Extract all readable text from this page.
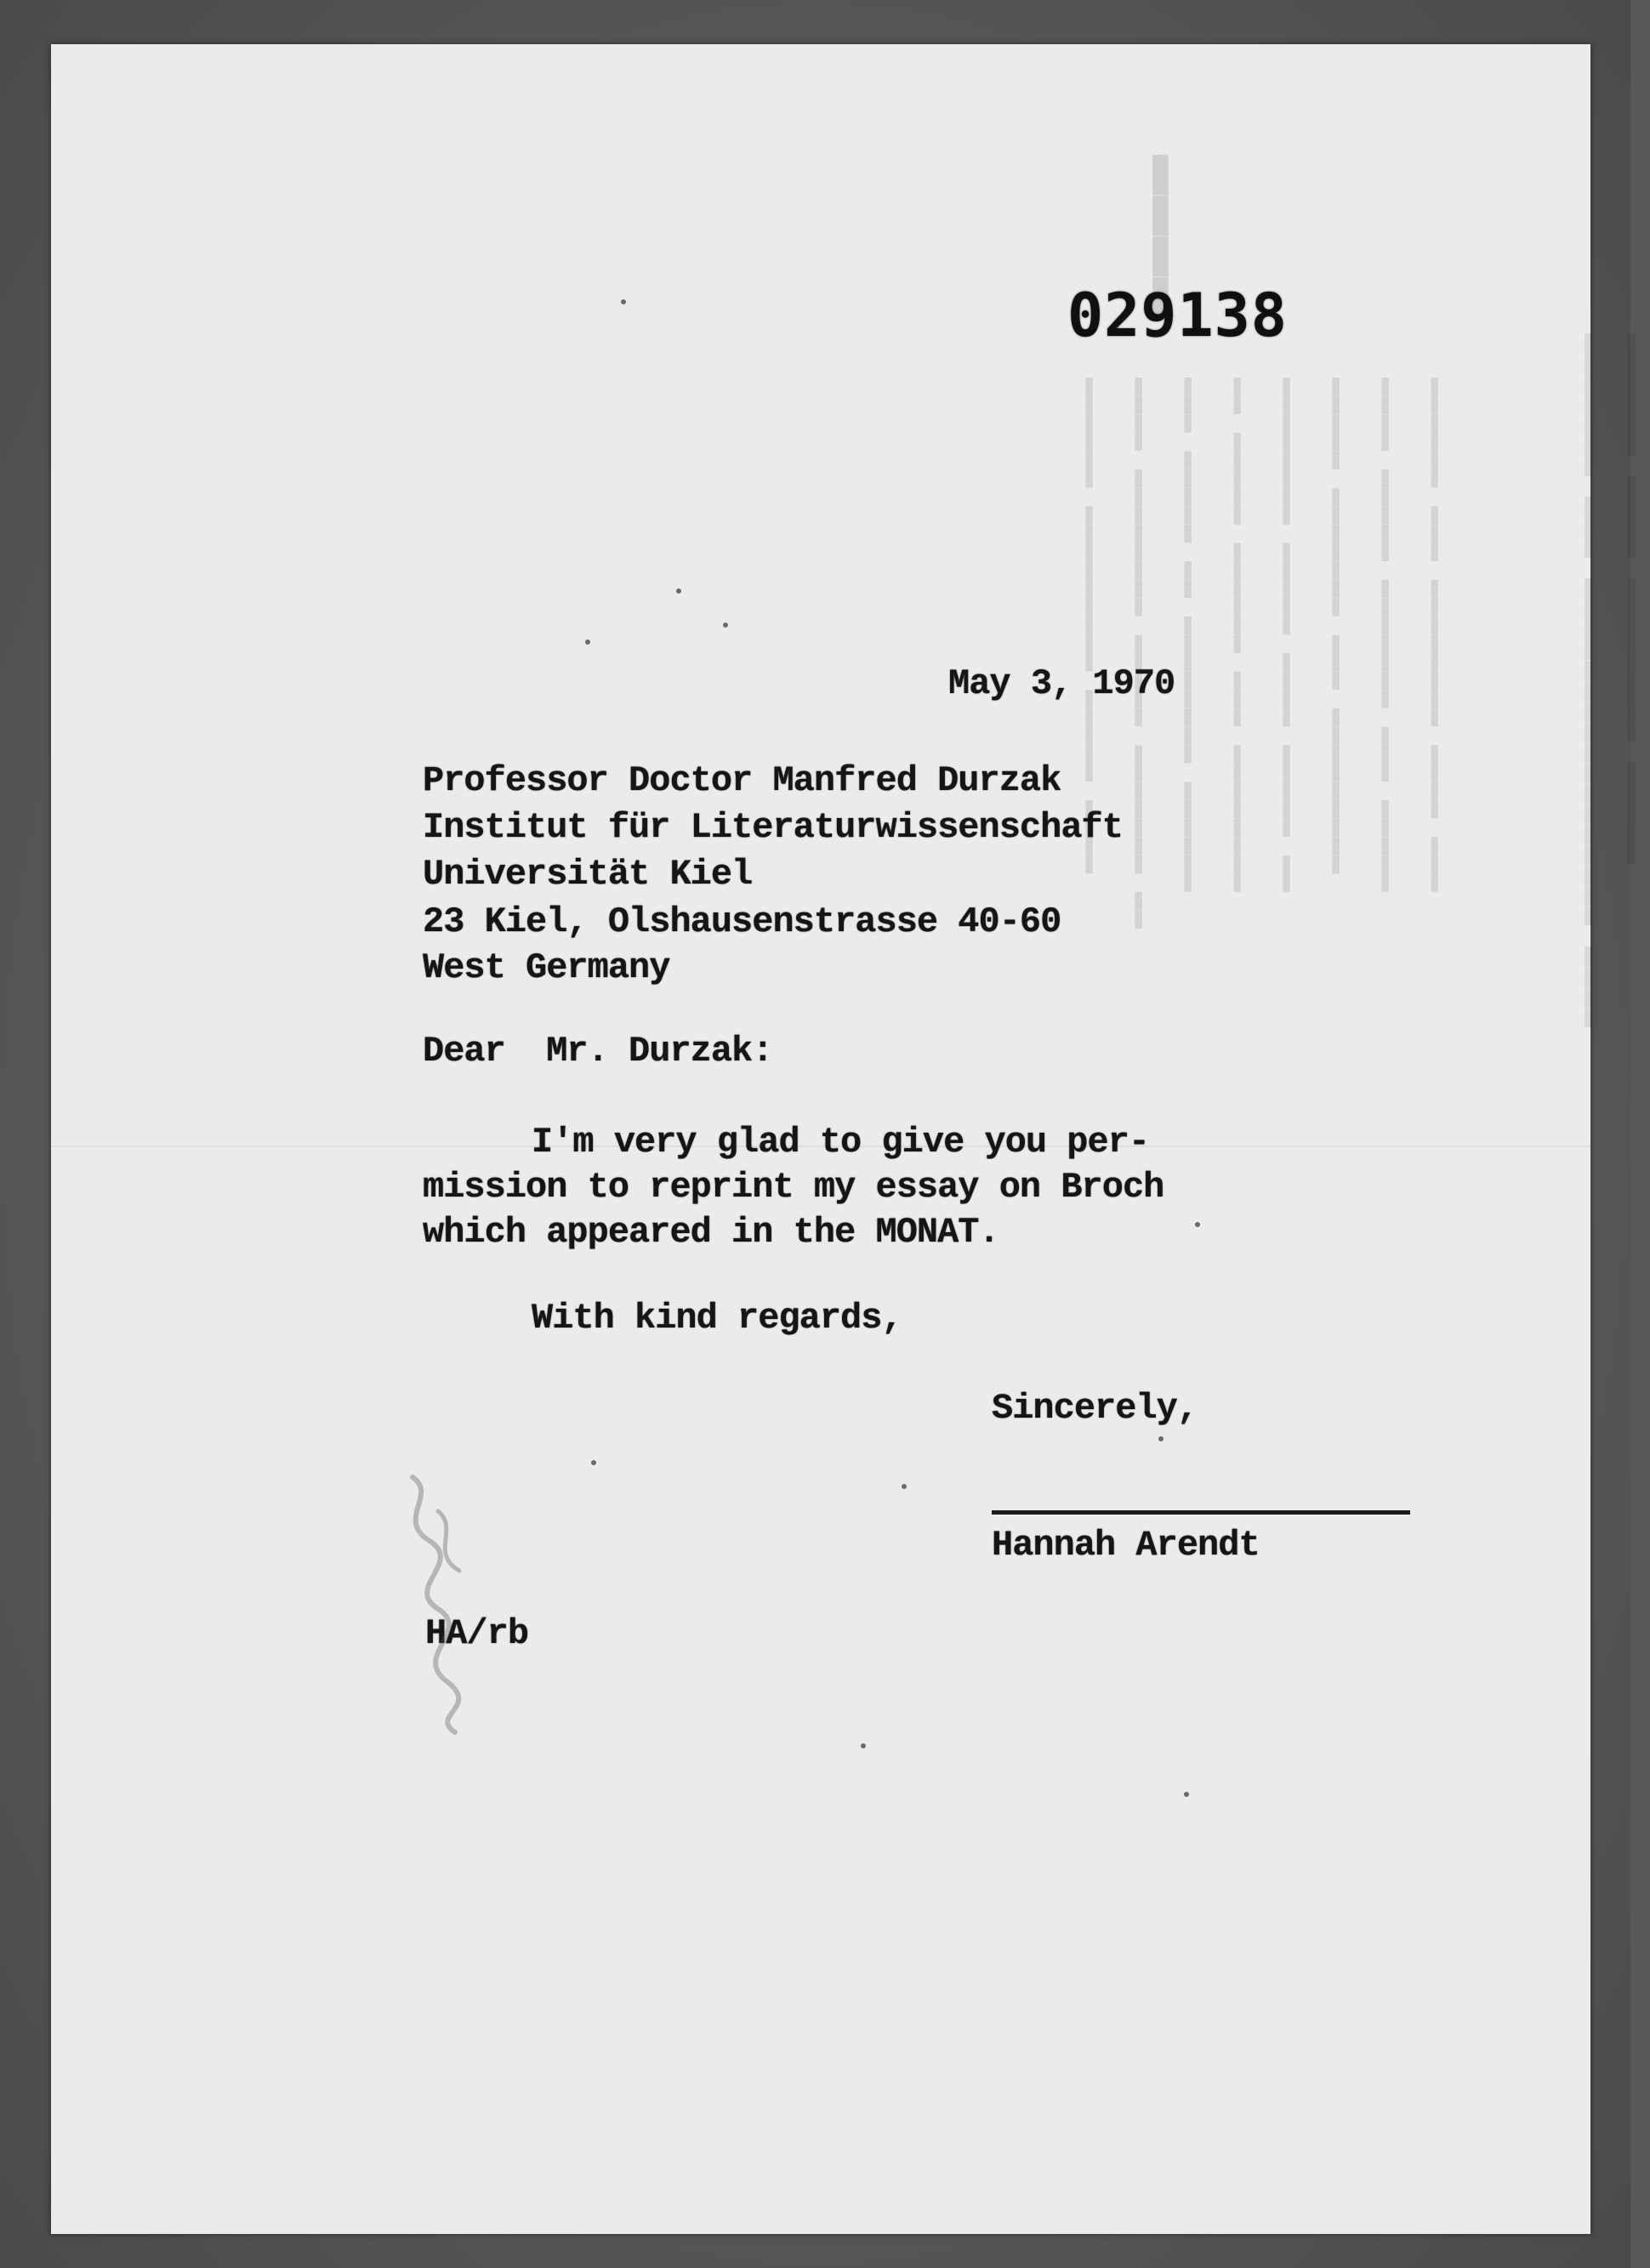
▬▬▬▬▬▬ ▬▬▬▬▬▬▬▬▬ ▬▬▬▬▬ ▬▬▬▬
▬▬▬▬ ▬▬▬▬▬▬▬▬ ▬▬▬▬▬ ▬▬▬▬▬▬▬ ▬▬
▬▬▬ ▬▬▬▬▬ ▬▬ ▬▬▬▬▬▬▬▬ ▬▬▬▬▬▬
▬▬ ▬▬▬▬▬ ▬▬▬▬▬▬ ▬▬▬ ▬▬▬▬▬▬▬▬
▬▬▬▬▬▬▬▬ ▬▬▬▬▬ ▬▬▬▬ ▬▬▬▬▬ ▬▬
▬▬▬▬▬ ▬▬▬▬▬▬▬ ▬▬▬ ▬▬▬▬▬▬▬▬▬
▬▬▬▬ ▬▬▬▬▬ ▬▬▬▬▬▬▬ ▬▬▬ ▬▬▬▬▬
▬▬▬▬▬▬ ▬▬▬ ▬▬▬▬▬▬▬▬ ▬▬▬▬ ▬▬▬
▬▬▬▬▬▬▬ ▬▬▬ ▬▬▬▬▬▬▬▬▬▬▬▬▬▬▬▬▬ ▬▬▬▬
▬▬▬▬▬▬ ▬▬▬▬ ▬▬▬▬▬▬▬▬ ▬▬▬▬▬
▬▬▬▬
029138
May 3, 1970
Professor Doctor Manfred Durzak
Institut für Literaturwissenschaft
Universität Kiel
23 Kiel, Olshausenstrasse 40-60
West Germany
Dear  Mr. Durzak:
I'm very glad to give you per-
mission to reprint my essay on Broch
which appeared in the MONAT.
With kind regards,
Sincerely,
Hannah Arendt
HA/rb
